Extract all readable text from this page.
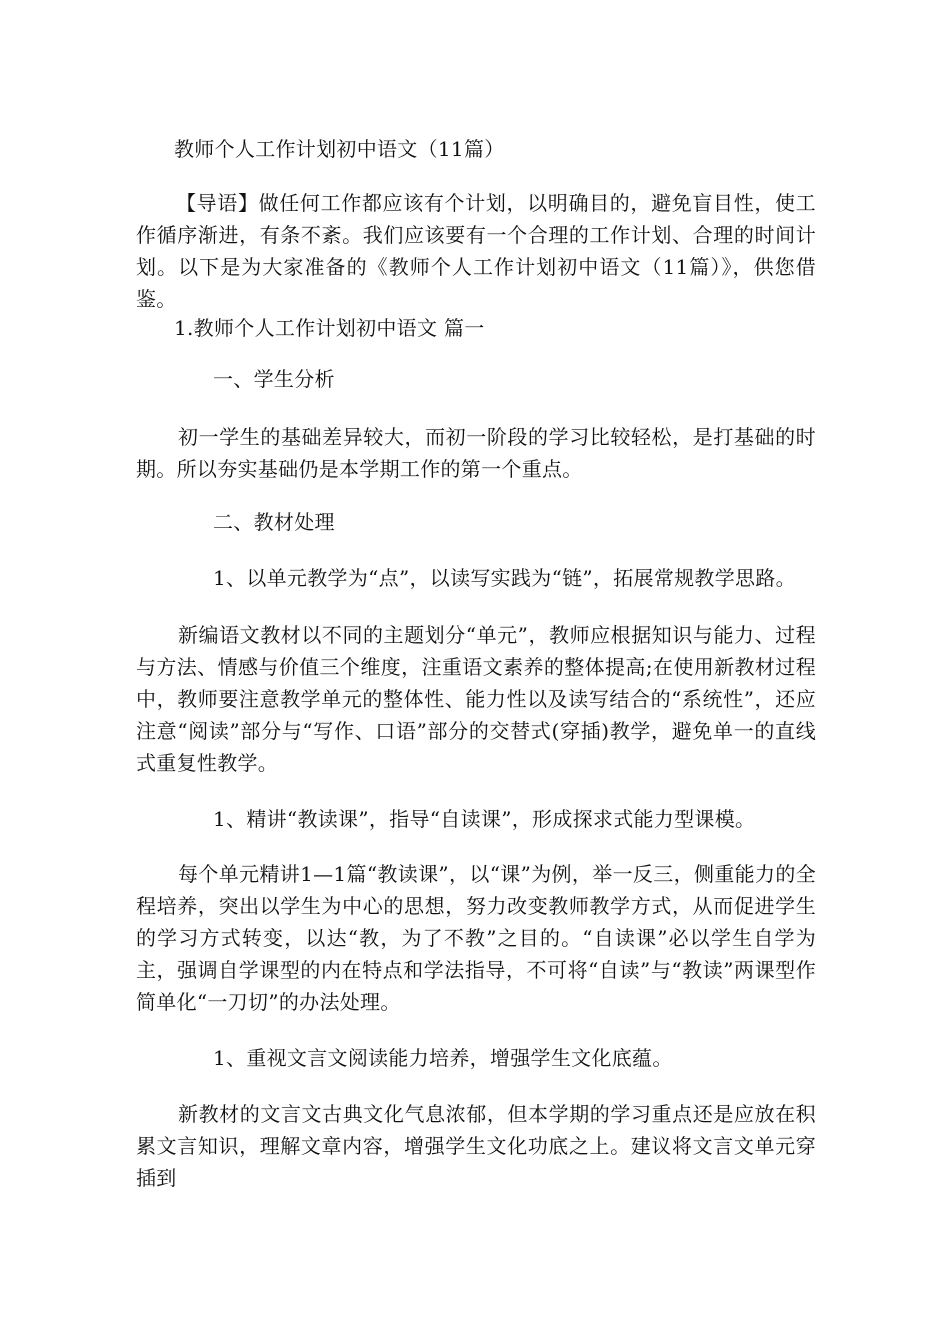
教师个人工作计划初中语文（11篇）
【导语】做任何工作都应该有个计划，以明确目的，避免盲目性，使工作循序渐进，有条不紊。我们应该要有一个合理的工作计划、合理的时间计划。以下是为大家准备的《教师个人工作计划初中语文（11篇）》，供您借鉴。
1.教师个人工作计划初中语文 篇一
一、学生分析
初一学生的基础差异较大，而初一阶段的学习比较轻松，是打基础的时期。所以夯实基础仍是本学期工作的第一个重点。
二、教材处理
1、以单元教学为“点”，以读写实践为“链”，拓展常规教学思路。
新编语文教材以不同的主题划分“单元”，教师应根据知识与能力、过程与方法、情感与价值三个维度，注重语文素养的整体提高;在使用新教材过程中，教师要注意教学单元的整体性、能力性以及读写结合的“系统性”，还应注意“阅读”部分与“写作、口语”部分的交替式(穿插)教学，避免单一的直线式重复性教学。
1、精讲“教读课”，指导“自读课”，形成探求式能力型课模。
每个单元精讲1—1篇“教读课”，以“课”为例，举一反三，侧重能力的全程培养，突出以学生为中心的思想，努力改变教师教学方式，从而促进学生的学习方式转变，以达“教，为了不教”之目的。“自读课”必以学生自学为主，强调自学课型的内在特点和学法指导，不可将“自读”与“教读”两课型作简单化“一刀切”的办法处理。
1、重视文言文阅读能力培养，增强学生文化底蕴。
新教材的文言文古典文化气息浓郁，但本学期的学习重点还是应放在积累文言知识，理解文章内容，增强学生文化功底之上。建议将文言文单元穿插到
